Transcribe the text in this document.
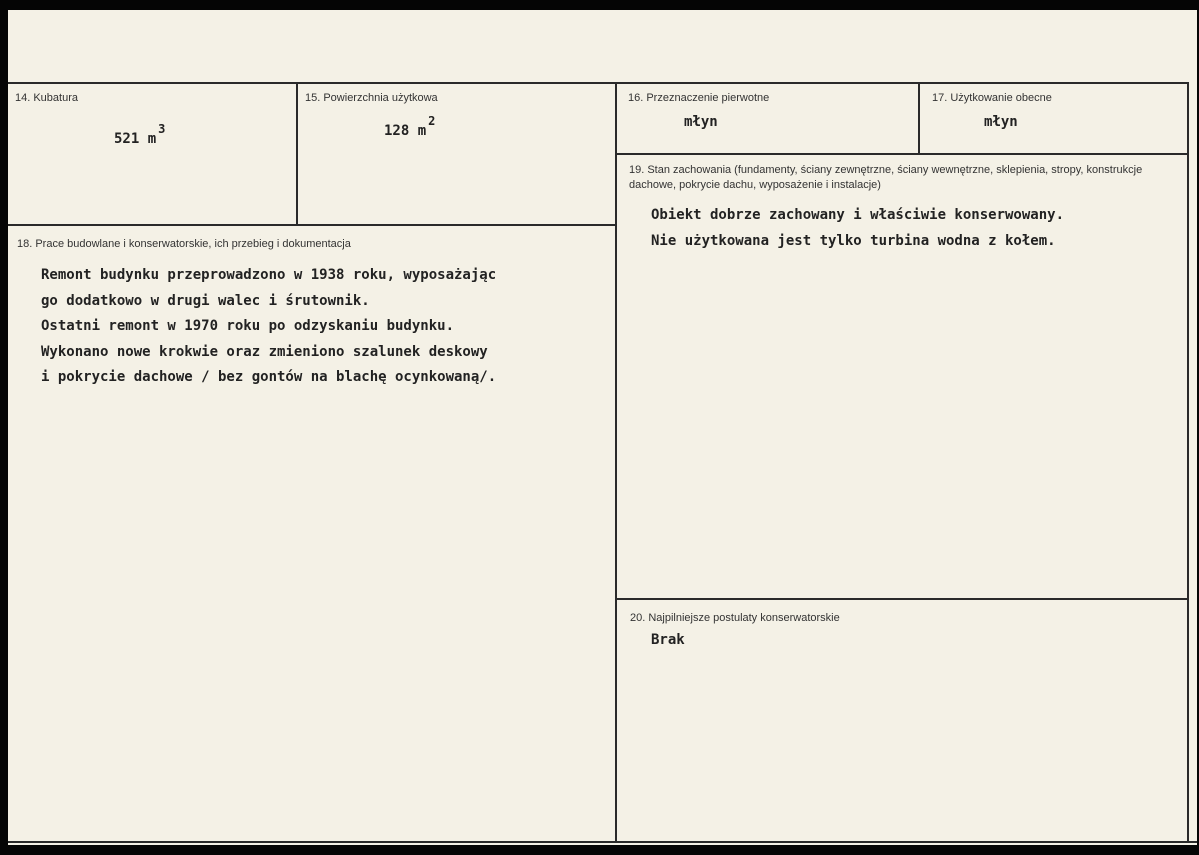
14. Kubatura
521 m3
15. Powierzchnia użytkowa
128 m2
16. Przeznaczenie pierwotne
młyn
17. Użytkowanie obecne
młyn
18. Prace budowlane i konserwatorskie, ich przebieg i dokumentacja
Remont budynku przeprowadzono w 1938 roku, wyposażając
go dodatkowo w drugi walec i śrutownik.
Ostatni remont w 1970 roku po odzyskaniu budynku.
Wykonano nowe krokwie oraz zmieniono szalunek deskowy
i pokrycie dachowe / bez gontów na blachę ocynkowaną/.
19. Stan zachowania (fundamenty, ściany zewnętrzne, ściany wewnętrzne, sklepienia, stropy, konstrukcje dachowe, pokrycie dachu, wyposażenie i instalacje)
Obiekt dobrze zachowany i właściwie konserwowany.
Nie użytkowana jest tylko turbina wodna z kołem.
20. Najpilniejsze postulaty konserwatorskie
Brak
